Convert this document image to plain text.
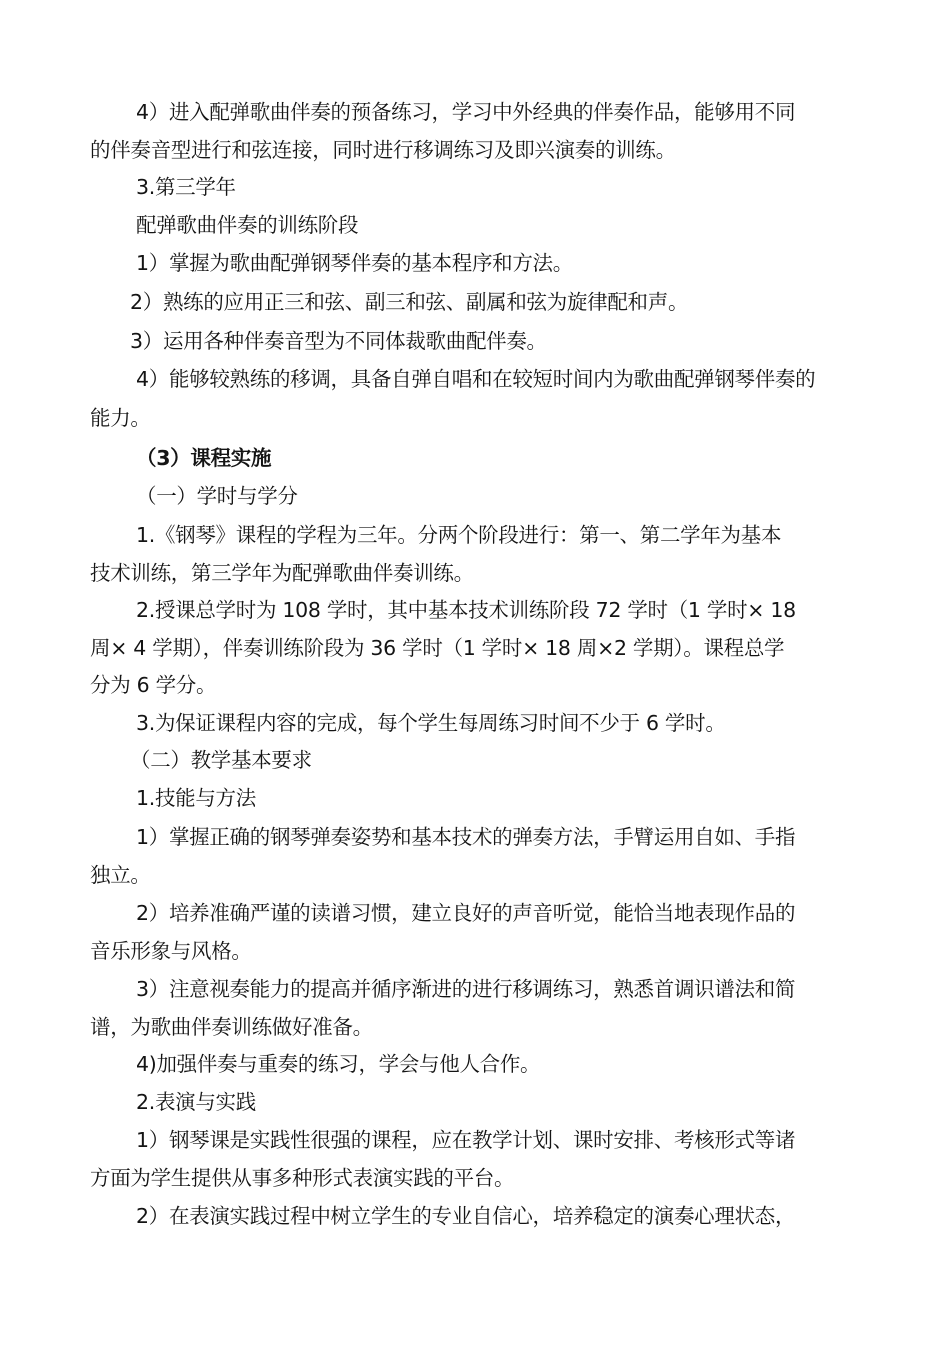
4）进入配弹歌曲伴奏的预备练习，学习中外经典的伴奏作品，能够用不同
的伴奏音型进行和弦连接，同时进行移调练习及即兴演奏的训练。
3.第三学年
配弹歌曲伴奏的训练阶段
1）掌握为歌曲配弹钢琴伴奏的基本程序和方法。
2）熟练的应用正三和弦、副三和弦、副属和弦为旋律配和声。
3）运用各种伴奏音型为不同体裁歌曲配伴奏。
4）能够较熟练的移调，具备自弹自唱和在较短时间内为歌曲配弹钢琴伴奏的
能力。
（3）课程实施
（一）学时与学分
1.《钢琴》课程的学程为三年。分两个阶段进行：第一、第二学年为基本
技术训练，第三学年为配弹歌曲伴奏训练。
2.授课总学时为 108 学时，其中基本技术训练阶段 72 学时（1 学时× 18
周× 4 学期），伴奏训练阶段为 36 学时（1 学时× 18 周×2 学期）。课程总学
分为 6 学分。
3.为保证课程内容的完成，每个学生每周练习时间不少于 6 学时。
（二）教学基本要求
1.技能与方法
1）掌握正确的钢琴弹奏姿势和基本技术的弹奏方法，手臂运用自如、手指
独立。
2）培养准确严谨的读谱习惯，建立良好的声音听觉，能恰当地表现作品的
音乐形象与风格。
3）注意视奏能力的提高并循序渐进的进行移调练习，熟悉首调识谱法和简
谱，为歌曲伴奏训练做好准备。
4)加强伴奏与重奏的练习，学会与他人合作。
2.表演与实践
1）钢琴课是实践性很强的课程，应在教学计划、课时安排、考核形式等诸
方面为学生提供从事多种形式表演实践的平台。
2）在表演实践过程中树立学生的专业自信心，培养稳定的演奏心理状态，
